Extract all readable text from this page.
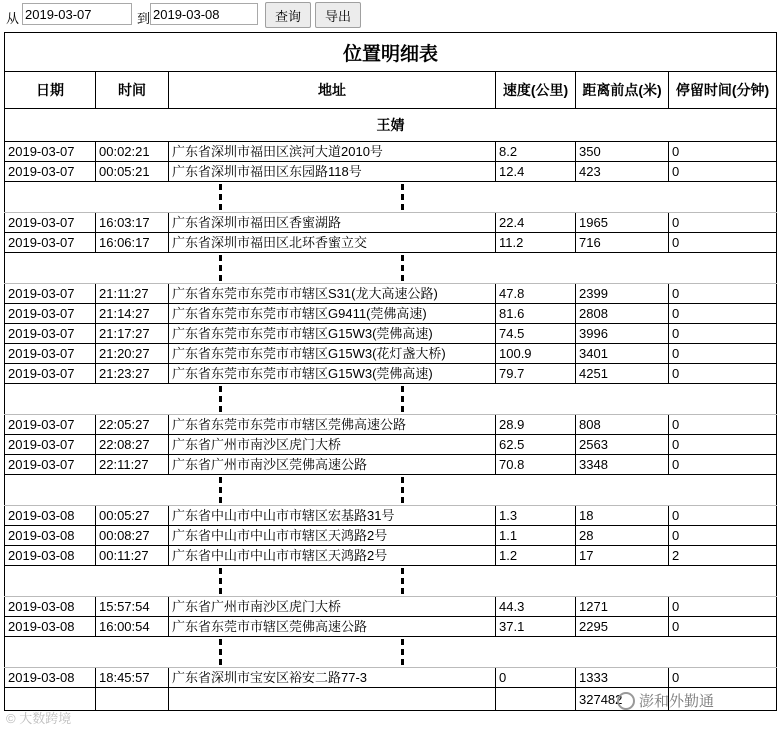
从
2019-03-07	到
2019-03-08	查询	导出
位置明细表					
日期	时间	地址	速度(公里)	距离前点(米)	停留时间(分钟)
王婧					
2019-03-07	00:02:21	广东省深圳市福田区滨河大道2010号	8.2	350	0
2019-03-07	00:05:21	广东省深圳市福田区东园路118号	12.4	423	0

2019-03-07	16:03:17	广东省深圳市福田区香蜜湖路	22.4	1965	0
2019-03-07	16:06:17	广东省深圳市福田区北环香蜜立交	11.2	716	0

2019-03-07	21:11:27	广东省东莞市东莞市市辖区S31(龙大高速公路)	47.8	2399	0
2019-03-07	21:14:27	广东省东莞市东莞市市辖区G9411(莞佛高速)	81.6	2808	0
2019-03-07	21:17:27	广东省东莞市东莞市市辖区G15W3(莞佛高速)	74.5	3996	0
2019-03-07	21:20:27	广东省东莞市东莞市市辖区G15W3(花灯盏大桥)	100.9	3401	0
2019-03-07	21:23:27	广东省东莞市东莞市市辖区G15W3(莞佛高速)	79.7	4251	0

2019-03-07	22:05:27	广东省东莞市东莞市市辖区莞佛高速公路	28.9	808	0
2019-03-07	22:08:27	广东省广州市南沙区虎门大桥	62.5	2563	0
2019-03-07	22:11:27	广东省广州市南沙区莞佛高速公路	70.8	3348	0

2019-03-08	00:05:27	广东省中山市中山市市辖区宏基路31号	1.3	18	0
2019-03-08	00:08:27	广东省中山市中山市市辖区天鸿路2号	1.1	28	0
2019-03-08	00:11:27	广东省中山市中山市市辖区天鸿路2号	1.2	17	2

2019-03-08	15:57:54	广东省广州市南沙区虎门大桥	44.3	1271	0
2019-03-08	16:00:54	广东省东莞市市辖区莞佛高速公路	37.1	2295	0

2019-03-08	18:45:57	广东省深圳市宝安区裕安二路77-3	0	1333	0
				327482	
© 大数跨境
澎和外勤通
